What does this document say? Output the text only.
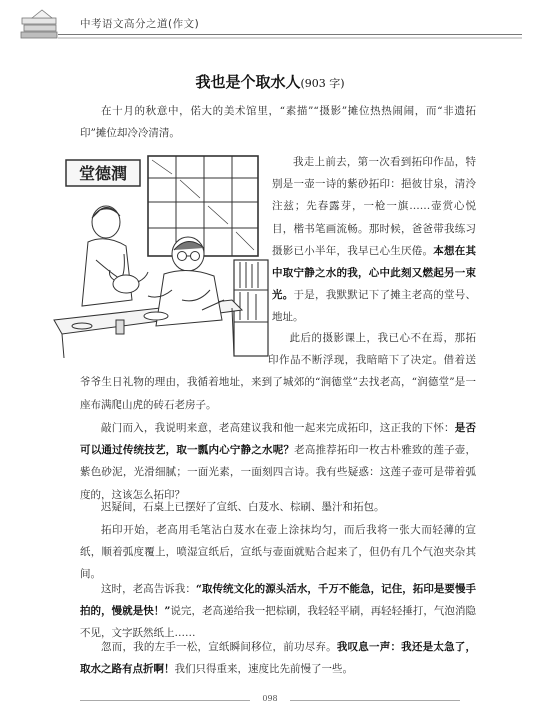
中考语文高分之道(作文)
我也是个取水人(903 字)
堂德潤
在十月的秋意中，偌大的美术馆里，“素描”“摄影”摊位热热闹闹，而“非遗拓印”摊位却冷冷清清。
我走上前去，第一次看到拓印作品，特别是一壶一诗的紫砂拓印：挹彼甘泉，清泠注兹；先春露芽，一枪一旗……壶赏心悦目，楷书笔画流畅。那时候，爸爸带我练习摄影已小半年，我早已心生厌倦。本想在其中取宁静之水的我，心中此刻又燃起另一束光。于是，我默默记下了摊主老高的堂号、地址。
此后的摄影课上，我已心不在焉，那拓印作品不断浮现，我暗暗下了决定。借着送爷爷生日礼物的理由，我循着地址，来到了城郊的“润德堂”去找老高，“润德堂”是一座布满爬山虎的砖石老房子。
敲门而入，我说明来意，老高建议我和他一起来完成拓印，这正我的下怀：是否可以通过传统技艺，取一瓢内心宁静之水呢？老高推荐拓印一枚古朴雅致的莲子壶，紫色砂泥，光滑细腻；一面光素，一面刻四言诗。我有些疑惑：这莲子壶可是带着弧度的，这该怎么拓印？
迟疑间，石桌上已摆好了宣纸、白芨水、棕刷、墨汁和拓包。
拓印开始，老高用毛笔沾白芨水在壶上涂抹均匀，而后我将一张大而轻薄的宣纸，顺着弧度覆上，喷湿宣纸后，宣纸与壶面就贴合起来了，但仍有几个气泡夹杂其间。
这时，老高告诉我：“取传统文化的源头活水，千万不能急，记住，拓印是要慢手拍的，慢就是快！”说完，老高递给我一把棕刷，我轻轻平刷，再轻轻捶打，气泡消隐不见，文字跃然纸上……
忽而，我的左手一松，宣纸瞬间移位，前功尽弃。我叹息一声：我还是太急了，取水之路有点折啊！我们只得重来，速度比先前慢了一些。
098
